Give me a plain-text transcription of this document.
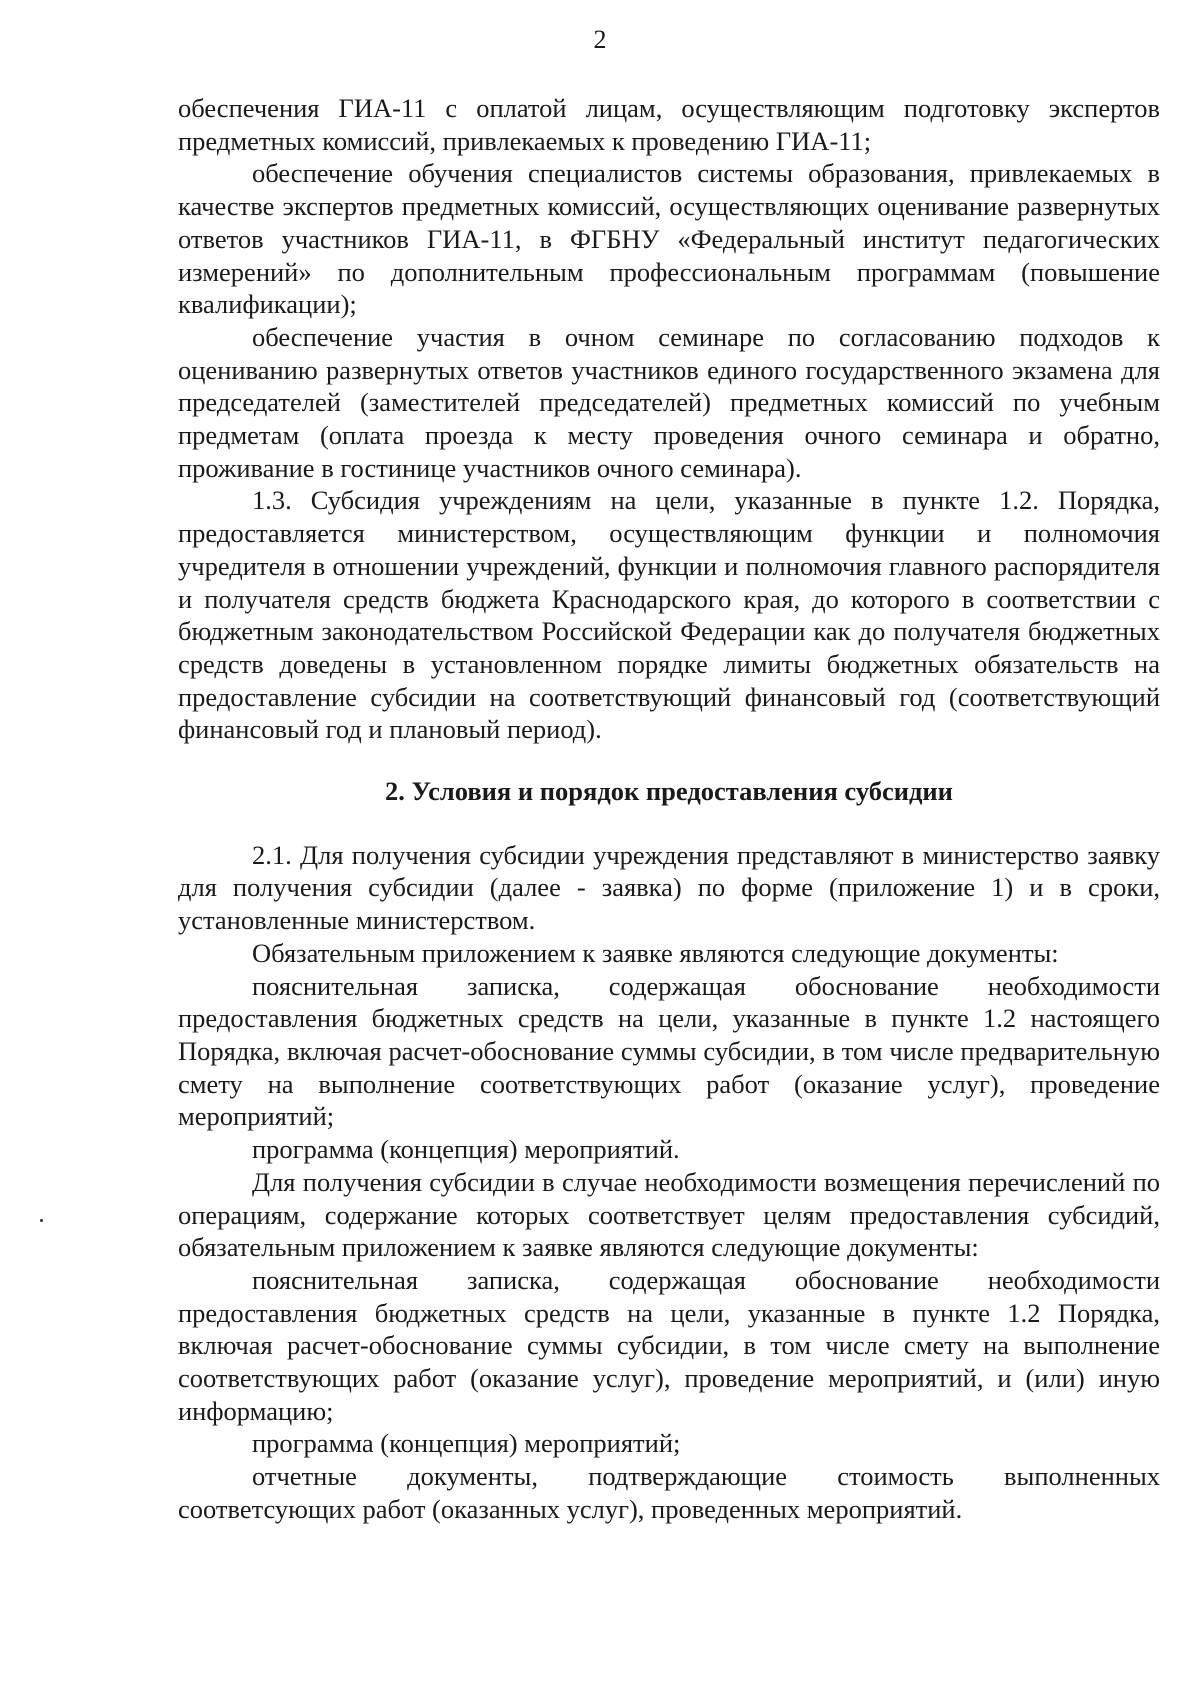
2

обеспечения ГИА-11 с оплатой лицам, осуществляющим подготовку экспертов предметных комиссий, привлекаемых к проведению ГИА-11;

обеспечение обучения специалистов системы образования, привлекаемых в качестве экспертов предметных комиссий, осуществляющих оценивание развернутых ответов участников ГИА-11, в ФГБНУ «Федеральный институт педагогических измерений» по дополнительным профессиональным программам (повышение квалификации);

обеспечение участия в очном семинаре по согласованию подходов к оцениванию развернутых ответов участников единого государственного экзамена для председателей (заместителей председателей) предметных комиссий по учебным предметам (оплата проезда к месту проведения очного семинара и обратно, проживание в гостинице участников очного семинара).

1.3. Субсидия учреждениям на цели, указанные в пункте 1.2. Порядка, предоставляется министерством, осуществляющим функции и полномочия учредителя в отношении учреждений, функции и полномочия главного распорядителя и получателя средств бюджета Краснодарского края, до которого в соответствии с бюджетным законодательством Российской Федерации как до получателя бюджетных средств доведены в установленном порядке лимиты бюджетных обязательств на предоставление субсидии на соответствующий финансовый год (соответствующий финансовый год и плановый период).

2. Условия и порядок предоставления субсидии

2.1. Для получения субсидии учреждения представляют в министерство заявку для получения субсидии (далее - заявка) по форме (приложение 1) и в сроки, установленные министерством.

Обязательным приложением к заявке являются следующие документы:

пояснительная записка, содержащая обоснование необходимости предоставления бюджетных средств на цели, указанные в пункте 1.2 настоящего Порядка, включая расчет-обоснование суммы субсидии, в том числе предварительную смету на выполнение соответствующих работ (оказание услуг), проведение мероприятий;

программа (концепция) мероприятий.

Для получения субсидии в случае необходимости возмещения перечислений по операциям, содержание которых соответствует целям предоставления субсидий, обязательным приложением к заявке являются следующие документы:

пояснительная записка, содержащая обоснование необходимости предоставления бюджетных средств на цели, указанные в пункте 1.2 Порядка, включая расчет-обоснование суммы субсидии, в том числе смету на выполнение соответствующих работ (оказание услуг), проведение мероприятий, и (или) иную информацию;

программа (концепция) мероприятий;

отчетные документы, подтверждающие стоимость выполненных соответсующих работ (оказанных услуг), проведенных мероприятий.
